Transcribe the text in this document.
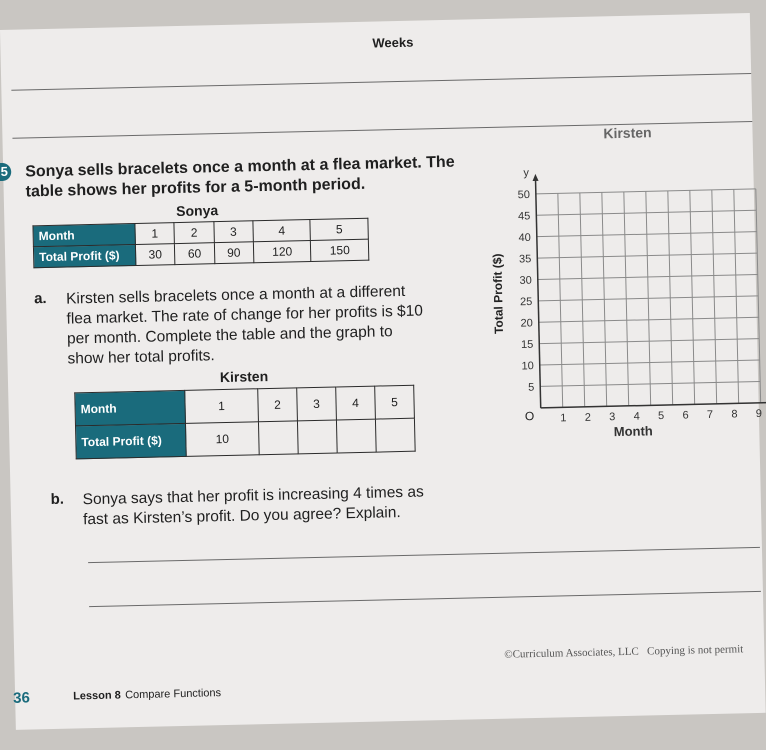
Weeks
5 Sonya sells bracelets once a month at a flea market. The
table shows her profits for a 5-month period.
Sonya
Month	1	2	3	4	5
Total Profit ($)	30	60	90	120	150
a. Kirsten sells bracelets once a month at a different
flea market. The rate of change for her profits is $10
per month. Complete the table and the graph to
show her total profits.
Kirsten
Month	1	2	3	4	5
Total Profit ($)	10				
b. Sonya says that her profit is increasing 4 times as
fast as Kirsten’s profit. Do you agree? Explain.
Kirsten
y
1 2 3 4 5 6 7 8 9
5
10
15
20
25
30
35
40
45
50
Total Profit ($)
Month
O
36	Lesson 8 Compare Functions
©Curriculum Associates, LLC   Copying is not permit
